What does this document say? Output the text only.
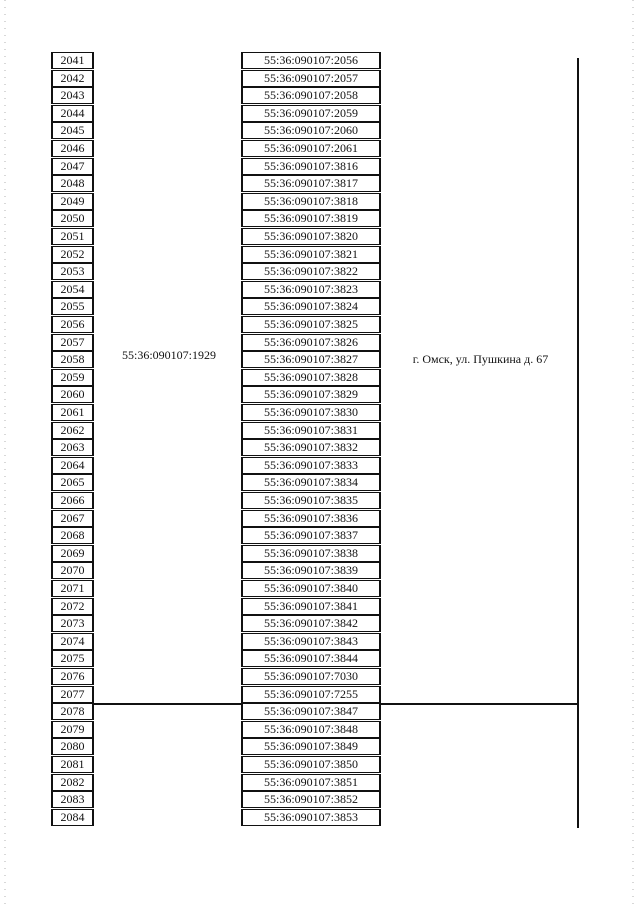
2041	55:36:090107:2056
2042	55:36:090107:2057
2043	55:36:090107:2058
2044	55:36:090107:2059
2045	55:36:090107:2060
2046	55:36:090107:2061
2047	55:36:090107:3816
2048	55:36:090107:3817
2049	55:36:090107:3818
2050	55:36:090107:3819
2051	55:36:090107:3820
2052	55:36:090107:3821
2053	55:36:090107:3822
2054	55:36:090107:3823
2055	55:36:090107:3824
2056	55:36:090107:3825
2057	55:36:090107:3826
2058	55:36:090107:3827
2059	55:36:090107:3828
2060	55:36:090107:3829
2061	55:36:090107:3830
2062	55:36:090107:3831
2063	55:36:090107:3832
2064	55:36:090107:3833
2065	55:36:090107:3834
2066	55:36:090107:3835
2067	55:36:090107:3836
2068	55:36:090107:3837
2069	55:36:090107:3838
2070	55:36:090107:3839
2071	55:36:090107:3840
2072	55:36:090107:3841
2073	55:36:090107:3842
2074	55:36:090107:3843
2075	55:36:090107:3844
2076	55:36:090107:7030
2077	55:36:090107:7255
2078	55:36:090107:3847
2079	55:36:090107:3848
2080	55:36:090107:3849
2081	55:36:090107:3850
2082	55:36:090107:3851
2083	55:36:090107:3852
2084	55:36:090107:3853
55:36:090107:1929	г. Омск, ул. Пушкина д. 67
